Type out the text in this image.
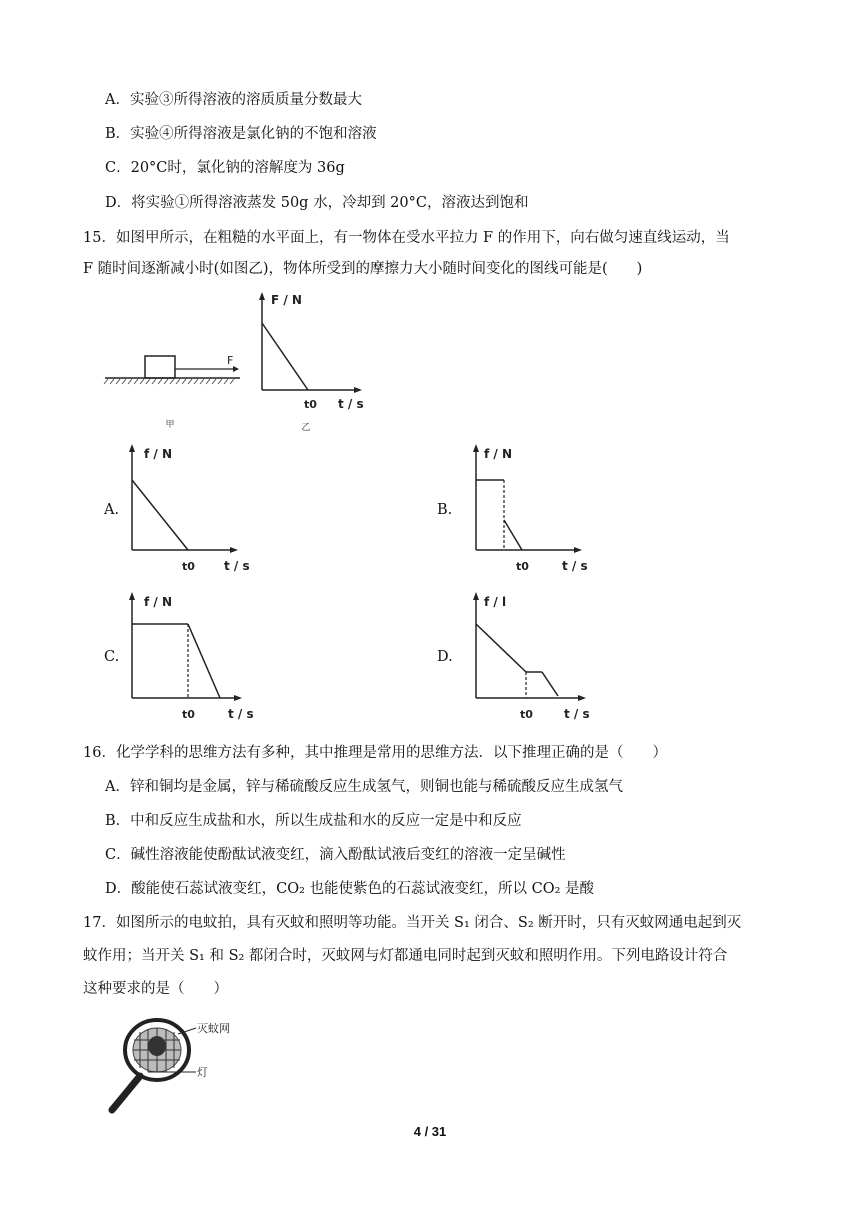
A．实验③所得溶液的溶质质量分数最大
B．实验④所得溶液是氯化钠的不饱和溶液
C．20°C时，氯化钠的溶解度为 36g
D．将实验①所得溶液蒸发 50g 水，冷却到 20°C，溶液达到饱和
15．如图甲所示，在粗糙的水平面上，有一物体在受水平拉力 F 的作用下，向右做匀速直线运动，当
F 随时间逐渐减小时(如图乙)，物体所受到的摩擦力大小随时间变化的图线可能是(　　)
F
甲
F / N
t0 t / s
乙
A.	B.
C.	D.
f / N
t0 t / s
f / N
t0	t / s
f / N
t0	t / s
f / l
t0	t / s
16．化学学科的思维方法有多种，其中推理是常用的思维方法．以下推理正确的是（　　）
A．锌和铜均是金属，锌与稀硫酸反应生成氢气，则铜也能与稀硫酸反应生成氢气
B．中和反应生成盐和水，所以生成盐和水的反应一定是中和反应
C．碱性溶液能使酚酞试液变红，滴入酚酞试液后变红的溶液一定呈碱性
D．酸能使石蕊试液变红，CO₂ 也能使紫色的石蕊试液变红，所以 CO₂ 是酸
17．如图所示的电蚊拍，具有灭蚊和照明等功能。当开关 S₁ 闭合、S₂ 断开时，只有灭蚊网通电起到灭
蚊作用；当开关 S₁ 和 S₂ 都闭合时，灭蚊网与灯都通电同时起到灭蚊和照明作用。下列电路设计符合
这种要求的是（　　）
灭蚊网
灯
4 / 31
